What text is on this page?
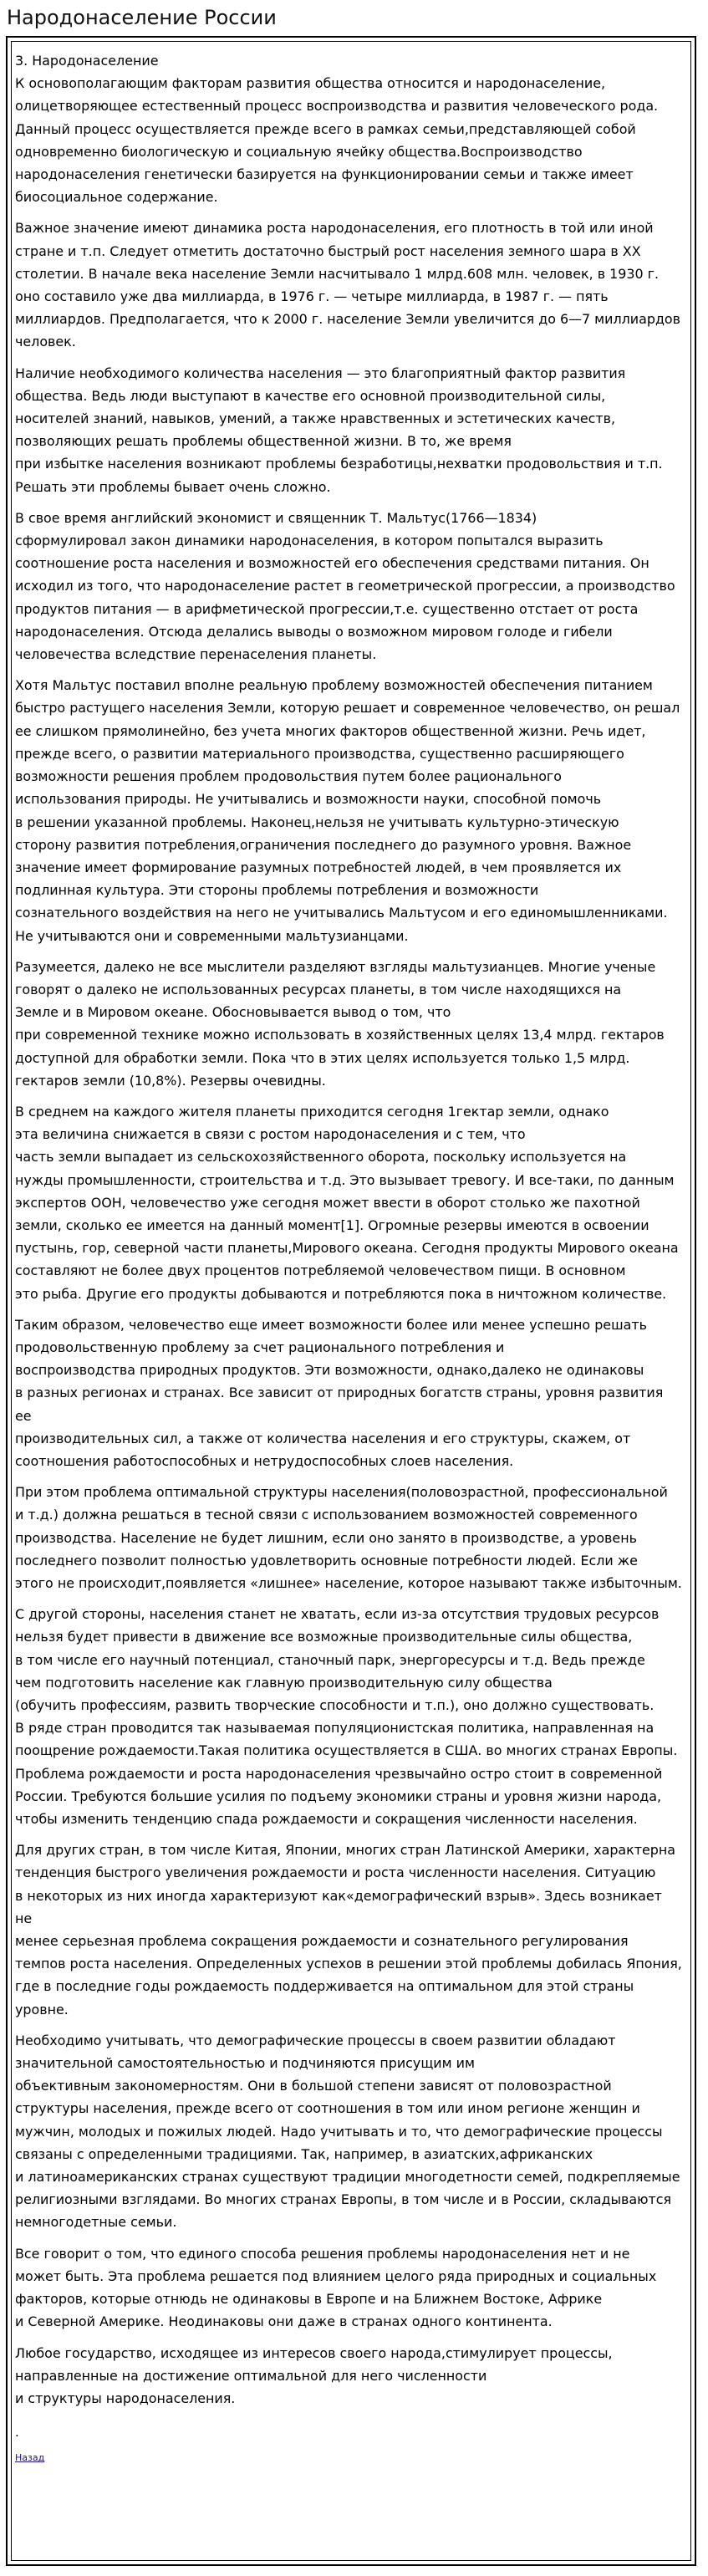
Народонаселение России

3. Народонаселение
К основополагающим факторам развития общества относится и народонаселение,
олицетворяющее естественный процесс воспроизводства и развития человеческого рода.
Данный процесс осуществляется прежде всего в рамках семьи,представляющей собой
одновременно биологическую и социальную ячейку общества.Воспроизводство
народонаселения генетически базируется на функционировании семьи и также имеет
биосоциальное содержание.

Важное значение имеют динамика роста народонаселения, его плотность в той или иной
стране и т.п. Следует отметить достаточно быстрый рост населения земного шара в XX
столетии. В начале века население Земли насчитывало 1 млрд.608 млн. человек, в 1930 г.
оно составило уже два миллиарда, в 1976 г. — четыре миллиарда, в 1987 г. — пять
миллиардов. Предполагается, что к 2000 г. население Земли увеличится до 6—7 миллиардов
человек.

Наличие необходимого количества населения — это благоприятный фактор развития
общества. Ведь люди выступают в качестве его основной производительной силы,
носителей знаний, навыков, умений, а также нравственных и эстетических качеств,
позволяющих решать проблемы общественной жизни. В то, же время
при избытке населения возникают проблемы безработицы,нехватки продовольствия и т.п.
Решать эти проблемы бывает очень сложно.

В свое время английский экономист и священник Т. Мальтус(1766—1834)
сформулировал закон динамики народонаселения, в котором попытался выразить
соотношение роста населения и возможностей его обеспечения средствами питания. Он
исходил из того, что народонаселение растет в геометрической прогрессии, а производство
продуктов питания — в арифметической прогрессии,т.е. существенно отстает от роста
народонаселения. Отсюда делались выводы о возможном мировом голоде и гибели
человечества вследствие перенаселения планеты.

Хотя Мальтус поставил вполне реальную проблему возможностей обеспечения питанием
быстро растущего населения Земли, которую решает и современное человечество, он решал
ее слишком прямолинейно, без учета многих факторов общественной жизни. Речь идет,
прежде всего, о развитии материального производства, существенно расширяющего
возможности решения проблем продовольствия путем более рационального
использования природы. Не учитывались и возможности науки, способной помочь
в решении указанной проблемы. Наконец,нельзя не учитывать культурно-этическую
сторону развития потребления,ограничения последнего до разумного уровня. Важное
значение имеет формирование разумных потребностей людей, в чем проявляется их
подлинная культура. Эти стороны проблемы потребления и возможности
сознательного воздействия на него не учитывались Мальтусом и его единомышленниками.
Не учитываются они и современными мальтузианцами.

Разумеется, далеко не все мыслители разделяют взгляды мальтузианцев. Многие ученые
говорят о далеко не использованных ресурсах планеты, в том числе находящихся на
Земле и в Мировом океане. Обосновывается вывод о том, что
при современной технике можно использовать в хозяйственных целях 13,4 млрд. гектаров
доступной для обработки земли. Пока что в этих целях используется только 1,5 млрд.
гектаров земли (10,8%). Резервы очевидны.

В среднем на каждого жителя планеты приходится сегодня 1гектар земли, однако
эта величина снижается в связи с ростом народонаселения и с тем, что
часть земли выпадает из сельскохозяйственного оборота, поскольку используется на
нужды промышленности, строительства и т.д. Это вызывает тревогу. И все-таки, по данным
экспертов ООН, человечество уже сегодня может ввести в оборот столько же пахотной
земли, сколько ее имеется на данный момент[1]. Огромные резервы имеются в освоении
пустынь, гор, северной части планеты,Мирового океана. Сегодня продукты Мирового океана
составляют не более двух процентов потребляемой человечеством пищи. В основном
это рыба. Другие его продукты добываются и потребляются пока в ничтожном количестве.

Таким образом, человечество еще имеет возможности более или менее успешно решать
продовольственную проблему за счет рационального потребления и
воспроизводства природных продуктов. Эти возможности, однако,далеко не одинаковы
в разных регионах и странах. Все зависит от природных богатств страны, уровня развития ее
производительных сил, а также от количества населения и его структуры, скажем, от
соотношения работоспособных и нетрудоспособных слоев населения.

При этом проблема оптимальной структуры населения(половозрастной, профессиональной
и т.д.) должна решаться в тесной связи с использованием возможностей современного
производства. Население не будет лишним, если оно занято в производстве, а уровень
последнего позволит полностью удовлетворить основные потребности людей. Если же
этого не происходит,появляется «лишнее» население, которое называют также избыточным.

С другой стороны, населения станет не хватать, если из-за отсутствия трудовых ресурсов
нельзя будет привести в движение все возможные производительные силы общества,
в том числе его научный потенциал, станочный парк, энергоресурсы и т.д. Ведь прежде
чем подготовить население как главную производительную силу общества
(обучить профессиям, развить творческие способности и т.п.), оно должно существовать.
В ряде стран проводится так называемая популяционистская политика, направленная на
поощрение рождаемости.Такая политика осуществляется в США. во многих странах Европы.
Проблема рождаемости и роста народонаселения чрезвычайно остро стоит в современной
России. Требуются большие усилия по подъему экономики страны и уровня жизни народа,
чтобы изменить тенденцию спада рождаемости и сокращения численности населения.

Для других стран, в том числе Китая, Японии, многих стран Латинской Америки, характерна
тенденция быстрого увеличения рождаемости и роста численности населения. Ситуацию
в некоторых из них иногда характеризуют как«демографический взрыв». Здесь возникает не
менее серьезная проблема сокращения рождаемости и сознательного регулирования
темпов роста населения. Определенных успехов в решении этой проблемы добилась Япония,
где в последние годы рождаемость поддерживается на оптимальном для этой страны
уровне.

Необходимо учитывать, что демографические процессы в своем развитии обладают
значительной самостоятельностью и подчиняются присущим им
объективным закономерностям. Они в большой степени зависят от половозрастной
структуры населения, прежде всего от соотношения в том или ином регионе женщин и
мужчин, молодых и пожилых людей. Надо учитывать и то, что демографические процессы
связаны с определенными традициями. Так, например, в азиатских,африканских
и латиноамериканских странах существуют традиции многодетности семей, подкрепляемые
религиозными взглядами. Во многих странах Европы, в том числе и в России, складываются
немногодетные семьи.

Все говорит о том, что единого способа решения проблемы народонаселения нет и не
может быть. Эта проблема решается под влиянием целого ряда природных и социальных
факторов, которые отнюдь не одинаковы в Европе и на Ближнем Востоке, Африке
и Северной Америке. Неодинаковы они даже в странах одного континента.

Любое государство, исходящее из интересов своего народа,стимулирует процессы,
направленные на достижение оптимальной для него численности
и структуры народонаселения.

.
Назад
